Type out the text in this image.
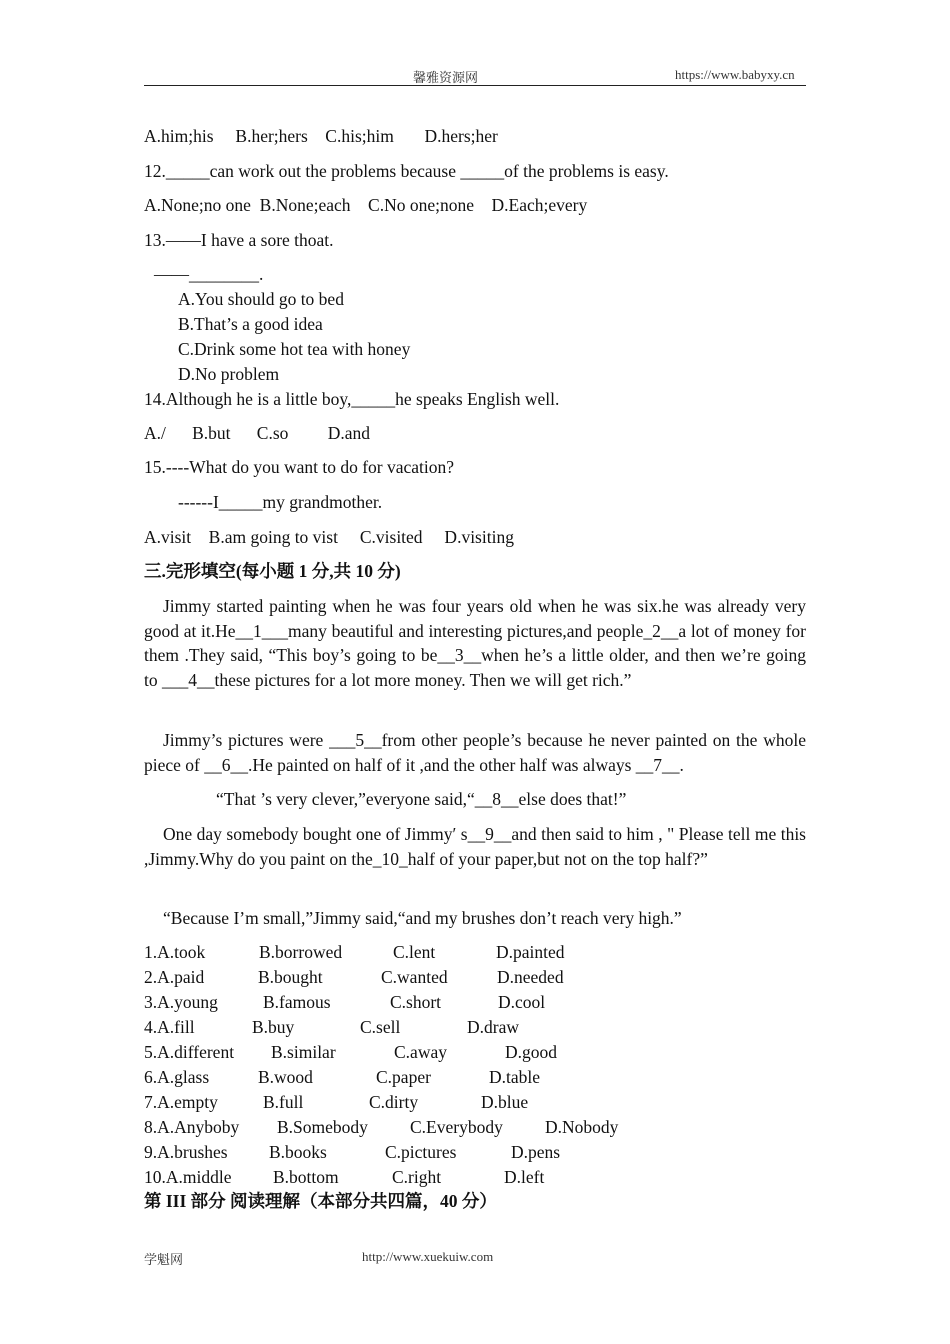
馨雅资源网	https://www.babyxy.cn
A.him;his     B.her;hers    C.his;him       D.hers;her
12._____can work out the problems because _____of the problems is easy.
A.None;no one  B.None;each    C.No one;none    D.Each;every
13.——I have a sore thoat.
——________.
A.You should go to bed
B.That’s a good idea
C.Drink some hot tea with honey
D.No problem
14.Although he is a little boy,_____he speaks English well.
A./      B.but      C.so         D.and
15.----What do you want to do for vacation?
------I_____my grandmother.
A.visit    B.am going to vist     C.visited     D.visiting
三.完形填空(每小题 1 分,共 10 分)
Jimmy started painting when he was four years old when he was six.he was already very good at it.He__1___many beautiful and interesting pictures,and people_2__a lot of money for them .They said, “This boy’s going to be__3__when he’s a little older, and then we’re going to ___4__these pictures for a lot more money. Then we will get rich.”
Jimmy’s pictures were ___5__from other people’s because he never painted on the whole piece of __6__.He painted on half of it ,and the other half was always __7__.
“That ’s very clever,”everyone said,“__8__else does that!”
One day somebody bought one of Jimmy′ s__9__and then said to him , " Please tell me this ,Jimmy.Why do you paint on the_10_half of your paper,but not on the top half?”
“Because I’m small,”Jimmy said,“and my brushes don’t reach very high.”
1.A.took	B.borrowed	C.lent	D.painted
2.A.paid	B.bought	C.wanted	D.needed
3.A.young	B.famous	C.short	D.cool
4.A.fill	B.buy	C.sell	D.draw
5.A.different B.similar	C.away	D.good
6.A.glass	B.wood	C.paper	D.table
7.A.empty	B.full	C.dirty	D.blue
8.A.Anyboby B.Somebody C.Everybody D.Nobody
9.A.brushes B.books	C.pictures	D.pens
10.A.middle B.bottom	C.right	D.left
第 III 部分 阅读理解（本部分共四篇，40 分）
学魁网	http://www.xuekuiw.com
